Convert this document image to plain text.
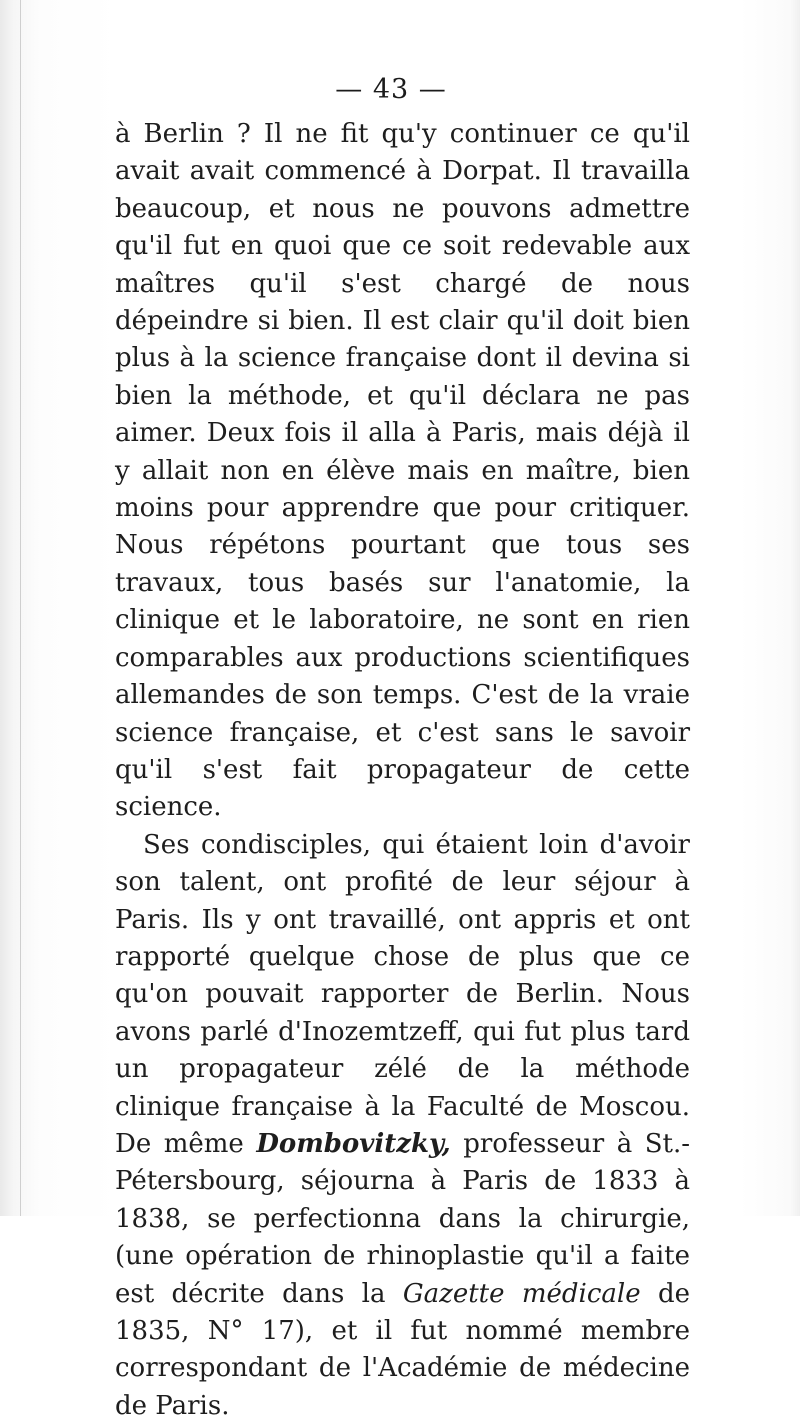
— 43 —

à Berlin ? Il ne fit qu'y continuer ce qu'il avait avait commencé à Dorpat. Il travailla beaucoup, et nous ne pouvons admettre qu'il fut en quoi que ce soit redevable aux maîtres qu'il s'est chargé de nous dépeindre si bien. Il est clair qu'il doit bien plus à la science française dont il devina si bien la méthode, et qu'il déclara ne pas aimer. Deux fois il alla à Paris, mais déjà il y allait non en élève mais en maître, bien moins pour apprendre que pour critiquer. Nous répétons pourtant que tous ses travaux, tous basés sur l'anatomie, la clinique et le laboratoire, ne sont en rien comparables aux productions scientifiques allemandes de son temps. C'est de la vraie science française, et c'est sans le savoir qu'il s'est fait propagateur de cette science.

Ses condisciples, qui étaient loin d'avoir son talent, ont profité de leur séjour à Paris. Ils y ont travaillé, ont appris et ont rapporté quelque chose de plus que ce qu'on pouvait rapporter de Berlin. Nous avons parlé d'Inozemtzeff, qui fut plus tard un propagateur zélé de la méthode clinique française à la Faculté de Moscou. De même Dombovitzky, professeur à St.-Pétersbourg, séjourna à Paris de 1833 à 1838, se perfectionna dans la chirurgie, (une opération de rhinoplastie qu'il a faite est décrite dans la Gazette médicale de 1835, N° 17), et il fut nommé membre correspondant de l'Académie de médecine de Paris.
